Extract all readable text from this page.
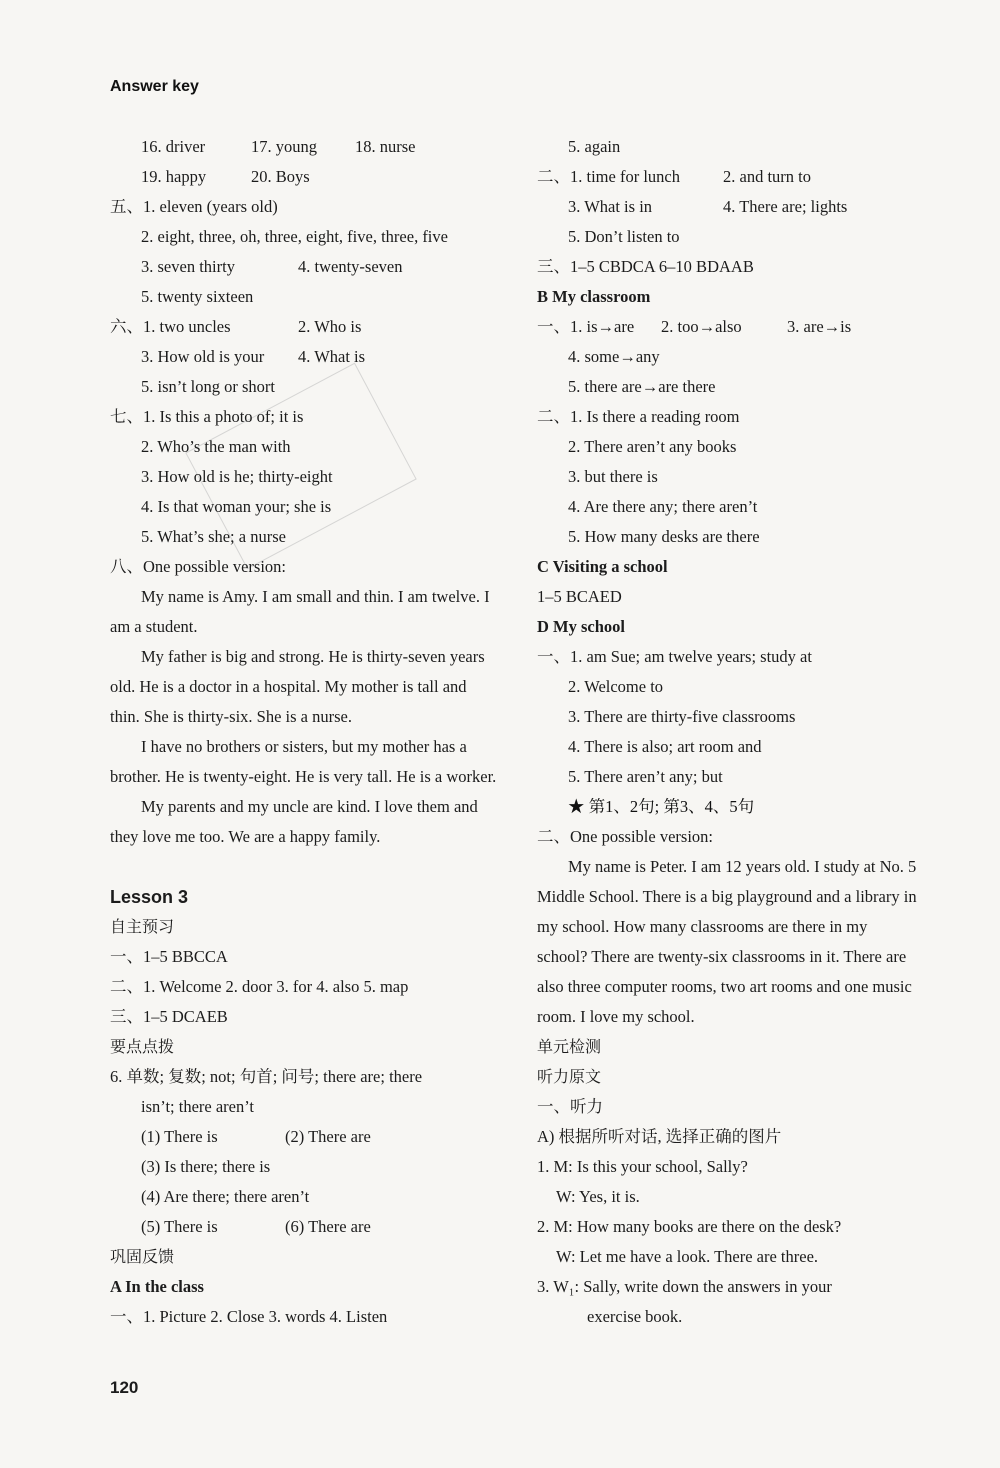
Answer key
16. driver	17. young 18. nurse
19. happy	20. Boys
五、1. eleven (years old)
2. eight, three, oh, three, eight, five, three, five
3. seven thirty	4. twenty-seven
5. twenty sixteen
六、1. two uncles	2. Who is
3. How old is your 4. What is
5. isn’t long or short
七、1. Is this a photo of; it is
2. Who’s the man with
3. How old is he; thirty-eight
4. Is that woman your; she is
5. What’s she; a nurse
八、One possible version:

My name is Amy. I am small and thin. I am twelve. I am a student.

My father is big and strong. He is thirty-seven years old. He is a doctor in a hospital. My mother is tall and thin. She is thirty-six. She is a nurse.

I have no brothers or sisters, but my mother has a brother. He is twenty-eight. He is very tall. He is a worker.

My parents and my uncle are kind. I love them and they love me too. We are a happy family.

Lesson 3
自主预习
一、1–5 BBCCA
二、1. Welcome 2. door 3. for 4. also 5. map
三、1–5 DCAEB
要点点拨
6. 单数; 复数; not; 句首; 问号; there are; there
isn’t; there aren’t
(1) There is	(2) There are
(3) Is there; there is
(4) Are there; there aren’t
(5) There is	(6) There are
巩固反馈
A In the class
一、1. Picture 2. Close 3. words 4. Listen
5. again
二、1. time for lunch	2. and turn to
3. What is in	4. There are; lights
5. Don’t listen to
三、1–5 CBDCA 6–10 BDAAB
B My classroom
一、1. is→are 2. too→also	3. are→is
4. some→any
5. there are→are there
二、1. Is there a reading room
2. There aren’t any books
3. but there is
4. Are there any; there aren’t
5. How many desks are there
C Visiting a school
1–5 BCAED
D My school
一、1. am Sue; am twelve years; study at
2. Welcome to
3. There are thirty-five classrooms
4. There is also; art room and
5. There aren’t any; but
★ 第1、2句; 第3、4、5句
二、One possible version:

My name is Peter. I am 12 years old. I study at No. 5 Middle School. There is a big playground and a library in my school. How many classrooms are there in my school? There are twenty-six classrooms in it. There are also three computer rooms, two art rooms and one music room. I love my school.

单元检测
听力原文
一、听力
A) 根据所听对话, 选择正确的图片
1. M: Is this your school, Sally?
W: Yes, it is.
2. M: How many books are there on the desk?
W: Let me have a look. There are three.
3. W₁: Sally, write down the answers in your
exercise book.
120
